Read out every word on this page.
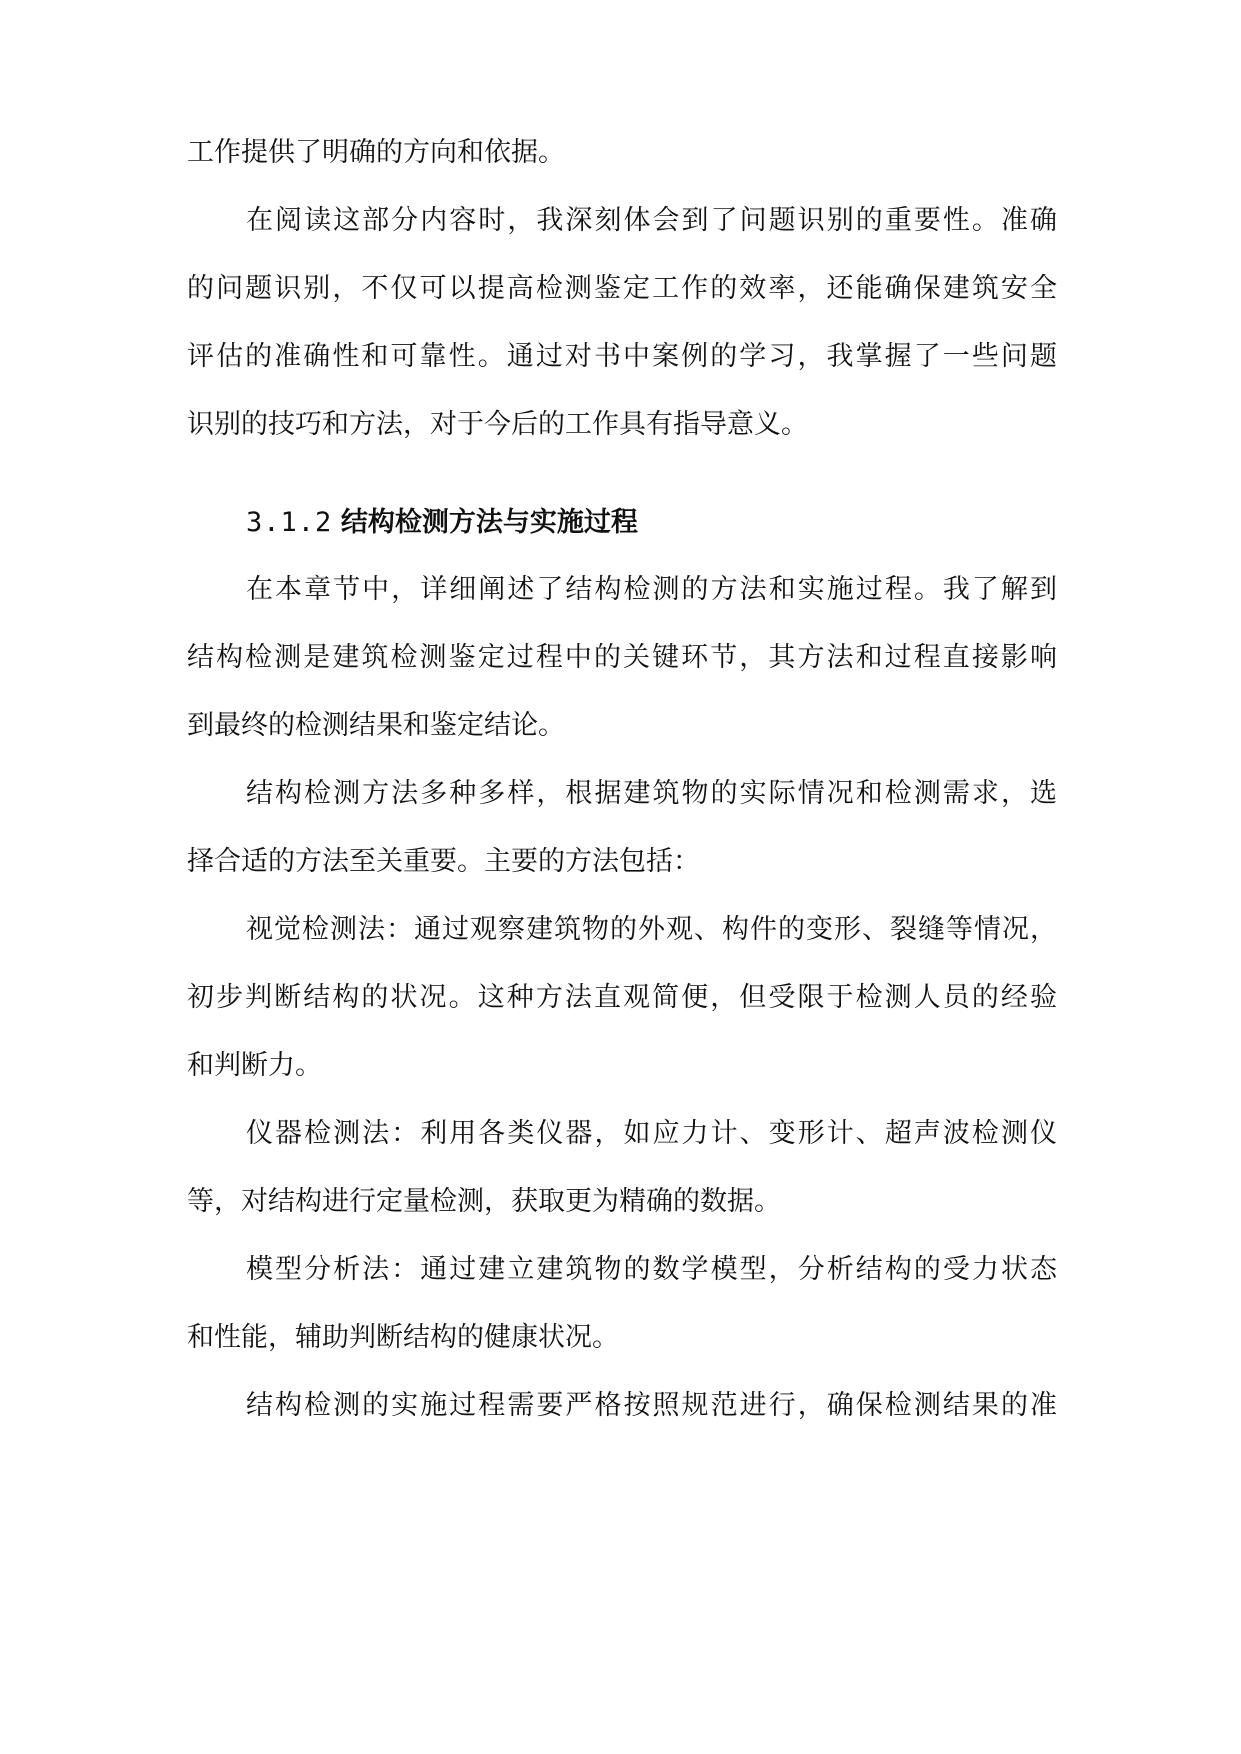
工作提供了明确的方向和依据。
在阅读这部分内容时，我深刻体会到了问题识别的重要性。准确
的问题识别，不仅可以提高检测鉴定工作的效率，还能确保建筑安全
评估的准确性和可靠性。通过对书中案例的学习，我掌握了一些问题
识别的技巧和方法，对于今后的工作具有指导意义。
3.1.2 结构检测方法与实施过程
在本章节中，详细阐述了结构检测的方法和实施过程。我了解到
结构检测是建筑检测鉴定过程中的关键环节，其方法和过程直接影响
到最终的检测结果和鉴定结论。
结构检测方法多种多样，根据建筑物的实际情况和检测需求，选
择合适的方法至关重要。主要的方法包括：
视觉检测法：通过观察建筑物的外观、构件的变形、裂缝等情况，
初步判断结构的状况。这种方法直观简便，但受限于检测人员的经验
和判断力。
仪器检测法：利用各类仪器，如应力计、变形计、超声波检测仪
等，对结构进行定量检测，获取更为精确的数据。
模型分析法：通过建立建筑物的数学模型，分析结构的受力状态
和性能，辅助判断结构的健康状况。
结构检测的实施过程需要严格按照规范进行，确保检测结果的准
